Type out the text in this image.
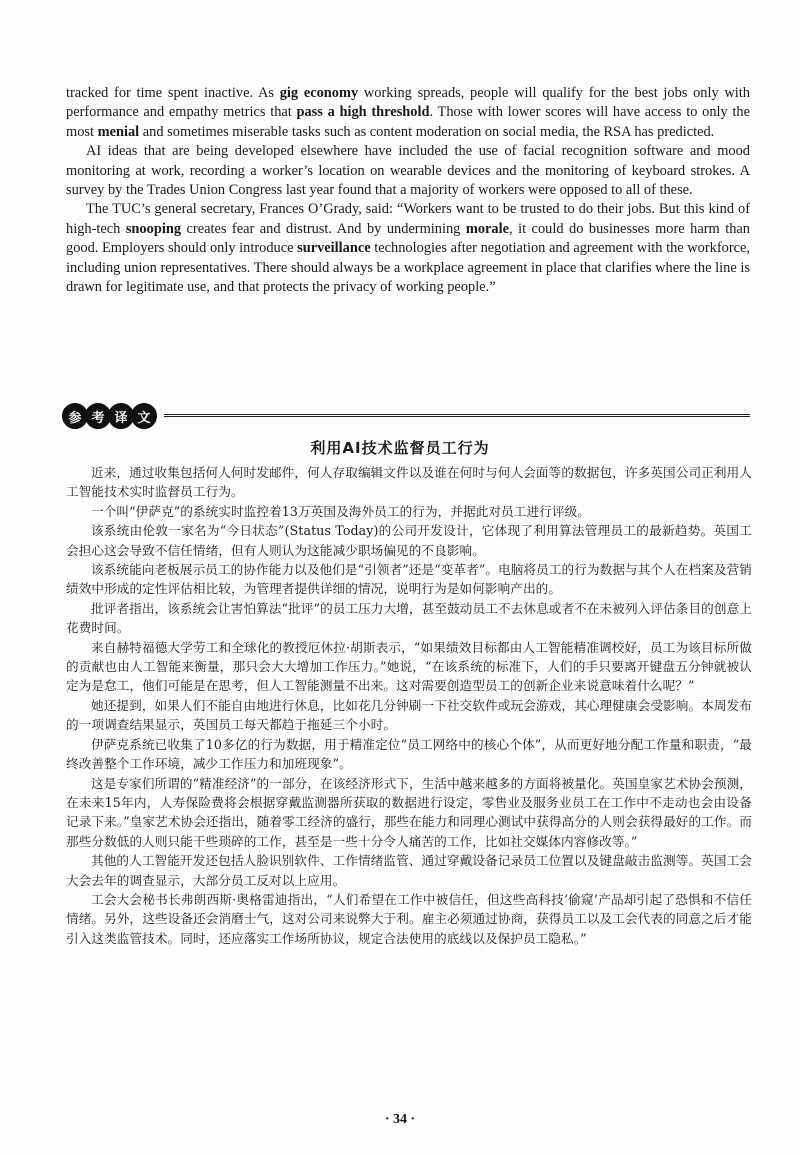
tracked for time spent inactive. As gig economy working spreads, people will qualify for the best jobs only with performance and empathy metrics that pass a high threshold. Those with lower scores will have access to only the most menial and sometimes miserable tasks such as content moderation on social media, the RSA has predicted.

AI ideas that are being developed elsewhere have included the use of facial recognition software and mood monitoring at work, recording a worker’s location on wearable devices and the monitoring of keyboard strokes. A survey by the Trades Union Congress last year found that a majority of workers were opposed to all of these.

The TUC’s general secretary, Frances O’Grady, said: “Workers want to be trusted to do their jobs. But this kind of high-tech snooping creates fear and distrust. And by undermining morale, it could do businesses more harm than good. Employers should only introduce surveillance technologies after negotiation and agreement with the workforce, including union representatives. There should always be a workplace agreement in place that clarifies where the line is drawn for legitimate use, and that protects the privacy of working people.”

参 考 译 文
利用AI技术监督员工行为

近来，通过收集包括何人何时发邮件，何人存取编辑文件以及谁在何时与何人会面等的数据包，许多英国公司正利用人工智能技术实时监督员工行为。

一个叫“伊萨克”的系统实时监控着13万英国及海外员工的行为，并据此对员工进行评级。

该系统由伦敦一家名为“今日状态”(Status Today)的公司开发设计，它体现了利用算法管理员工的最新趋势。英国工会担心这会导致不信任情绪，但有人则认为这能减少职场偏见的不良影响。

该系统能向老板展示员工的协作能力以及他们是“引领者”还是“变革者”。电脑将员工的行为数据与其个人在档案及营销绩效中形成的定性评估相比较，为管理者提供详细的情况，说明行为是如何影响产出的。

批评者指出，该系统会让害怕算法“批评”的员工压力大增，甚至鼓动员工不去休息或者不在未被列入评估条目的创意上花费时间。

来自赫特福德大学劳工和全球化的教授厄休拉·胡斯表示，“如果绩效目标都由人工智能精准调校好，员工为该目标所做的贡献也由人工智能来衡量，那只会大大增加工作压力。”她说，“在该系统的标准下，人们的手只要离开键盘五分钟就被认定为是怠工，他们可能是在思考，但人工智能测量不出来。这对需要创造型员工的创新企业来说意味着什么呢？”

她还提到，如果人们不能自由地进行休息，比如花几分钟刷一下社交软件或玩会游戏，其心理健康会受影响。本周发布的一项调查结果显示，英国员工每天都趋于拖延三个小时。

伊萨克系统已收集了10多亿的行为数据，用于精准定位“员工网络中的核心个体”，从而更好地分配工作量和职责，“最终改善整个工作环境，减少工作压力和加班现象”。

这是专家们所谓的“精准经济”的一部分，在该经济形式下，生活中越来越多的方面将被量化。英国皇家艺术协会预测，在未来15年内，人寿保险费将会根据穿戴监测器所获取的数据进行设定，零售业及服务业员工在工作中不走动也会由设备记录下来。”皇家艺术协会还指出，随着零工经济的盛行，那些在能力和同理心测试中获得高分的人则会获得最好的工作。而那些分数低的人则只能干些琐碎的工作，甚至是一些十分令人痛苦的工作，比如社交媒体内容修改等。”

其他的人工智能开发还包括人脸识别软件、工作情绪监管、通过穿戴设备记录员工位置以及键盘敲击监测等。英国工会大会去年的调查显示，大部分员工反对以上应用。

工会大会秘书长弗朗西斯·奥格雷迪指出，“人们希望在工作中被信任，但这些高科技‘偷窥’产品却引起了恐惧和不信任情绪。另外，这些设备还会消磨士气，这对公司来说弊大于利。雇主必须通过协商，获得员工以及工会代表的同意之后才能引入这类监管技术。同时，还应落实工作场所协议，规定合法使用的底线以及保护员工隐私。”

· 34 ·
